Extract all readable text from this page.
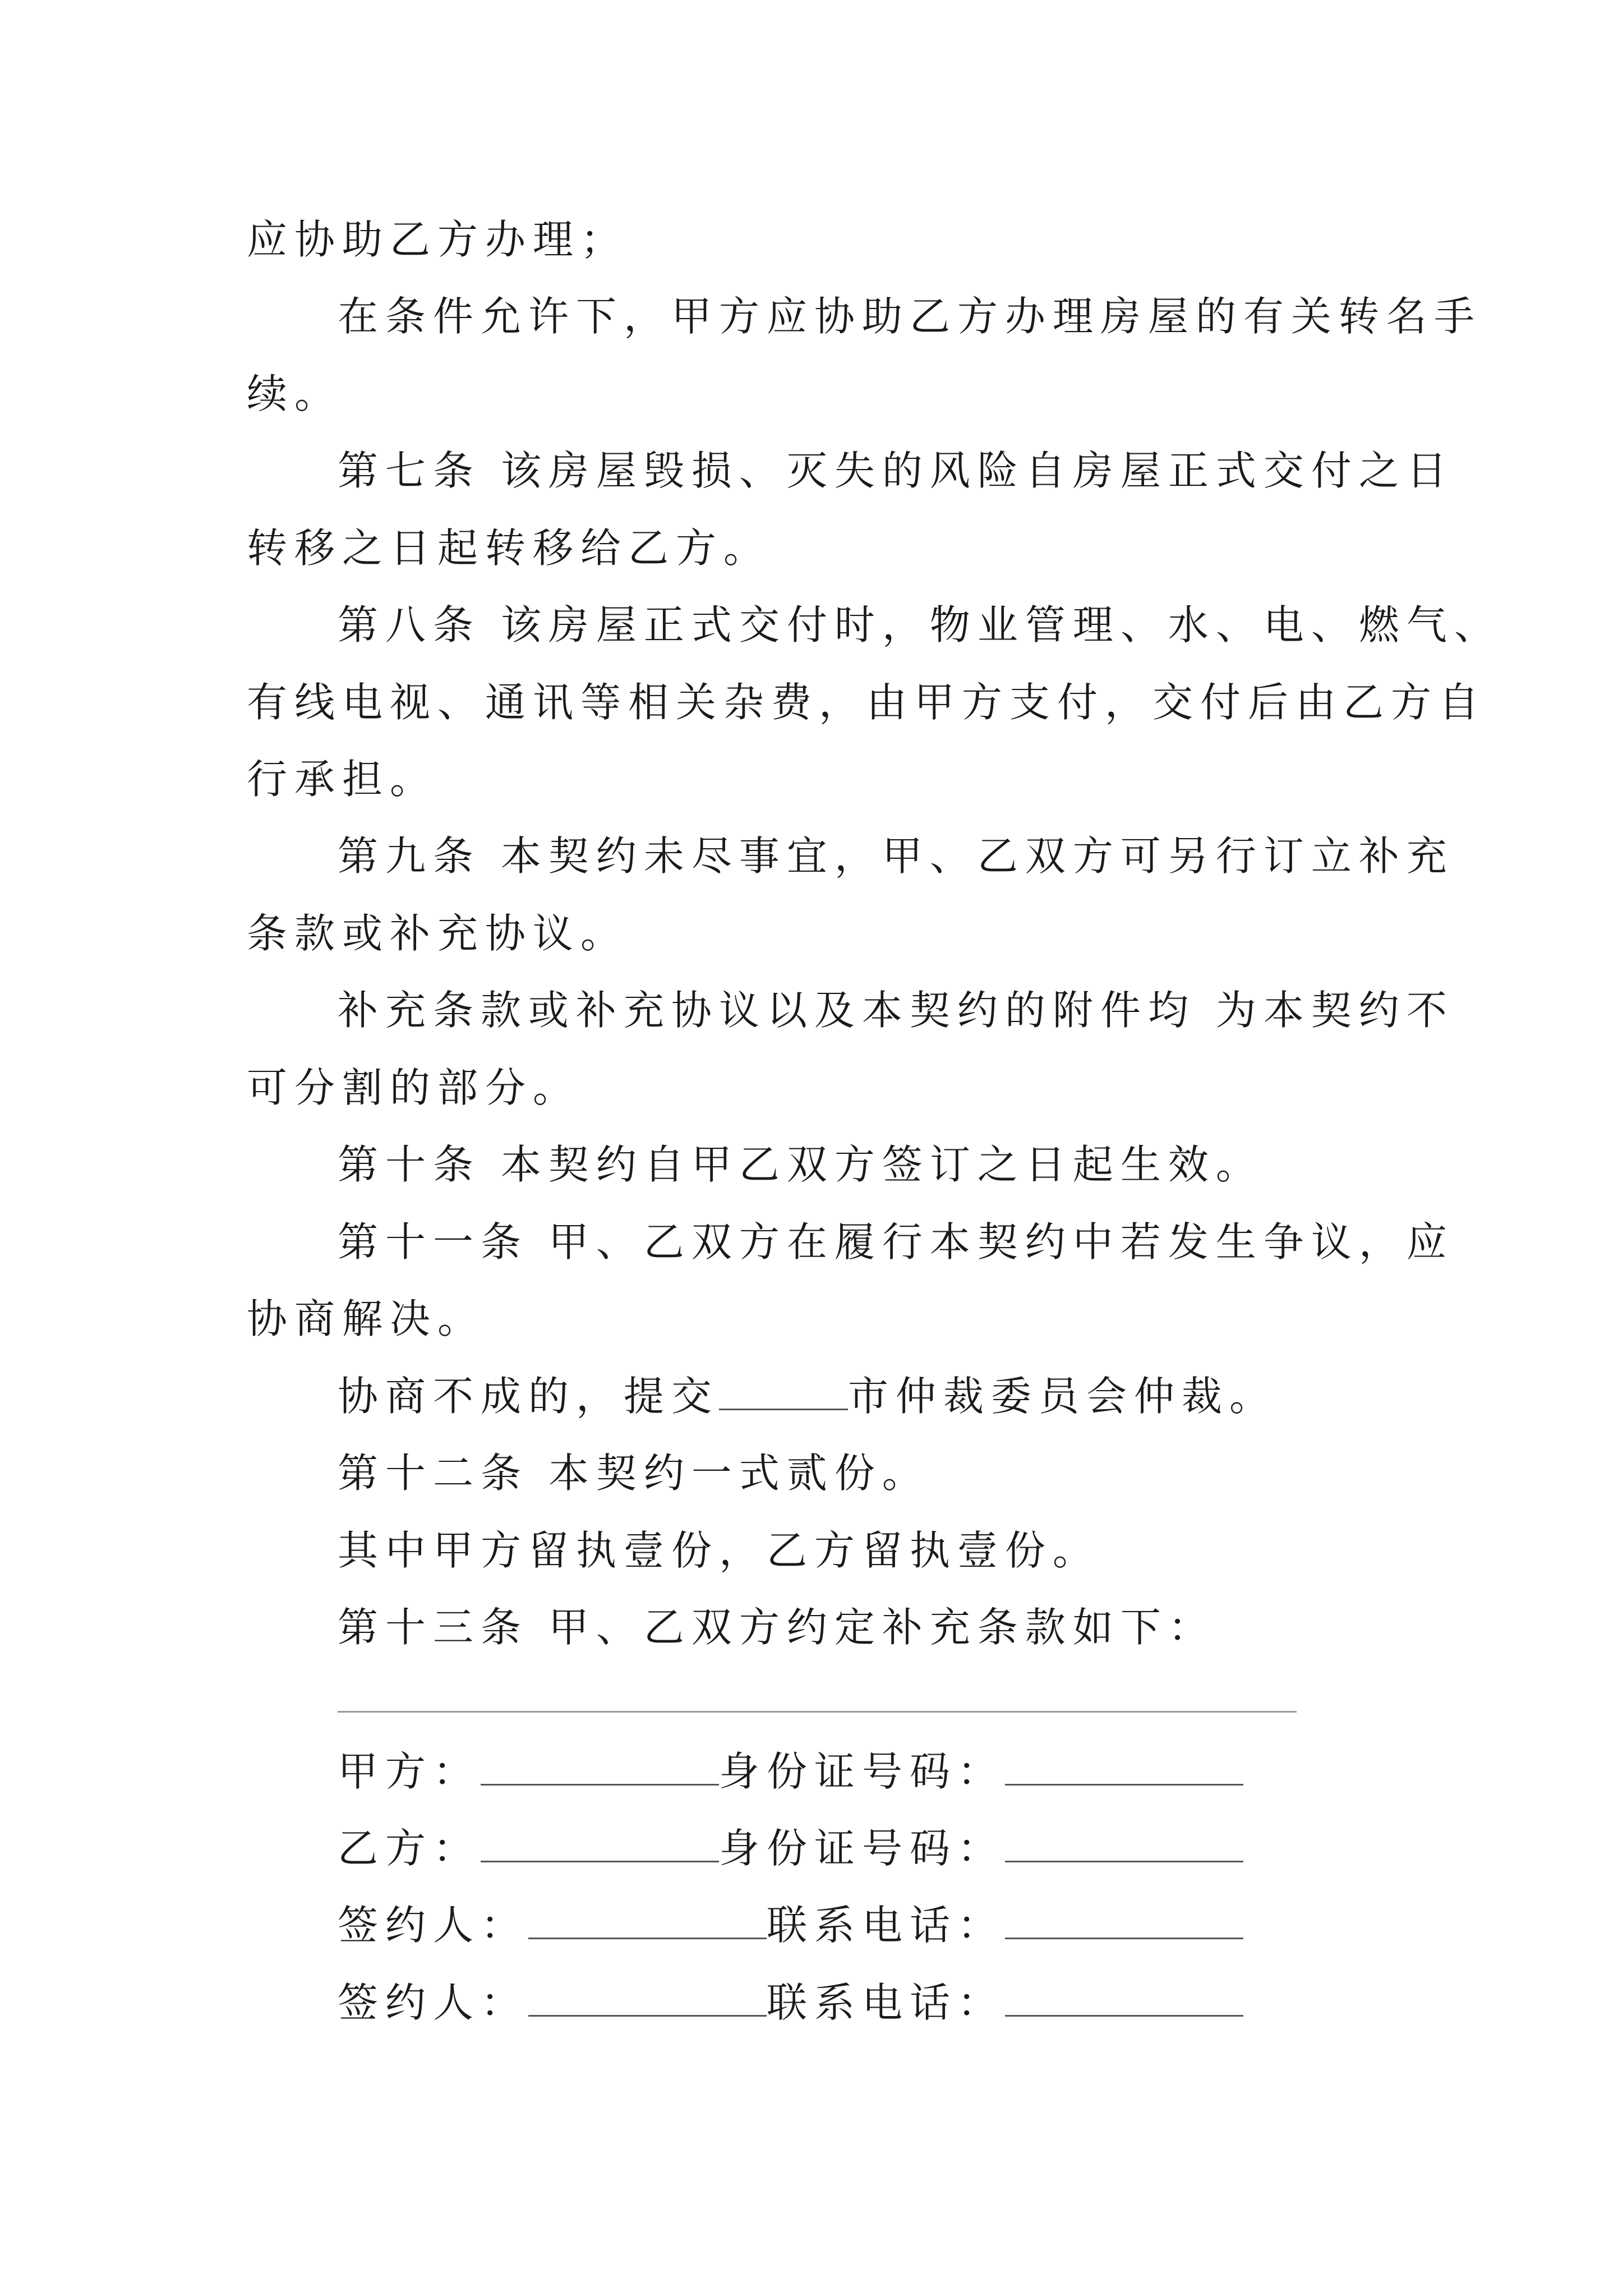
应协助乙方办理；
在条件允许下，甲方应协助乙方办理房屋的有关转名手
续。
第七条 该房屋毁损、灭失的风险自房屋正式交付之日
转移之日起转移给乙方。
第八条 该房屋正式交付时，物业管理、水、电、燃气、
有线电视、通讯等相关杂费，由甲方支付，交付后由乙方自
行承担。
第九条 本契约未尽事宜，甲、乙双方可另行订立补充
条款或补充协议。
补充条款或补充协议以及本契约的附件均 为本契约不
可分割的部分。
第十条 本契约自甲乙双方签订之日起生效。
第十一条 甲、乙双方在履行本契约中若发生争议，应
协商解决。
协商不成的，提交	市仲裁委员会仲裁。
第十二条 本契约一式贰份。
其中甲方留执壹份，乙方留执壹份。
第十三条 甲、乙双方约定补充条款如下：
甲方：	身份证号码：
乙方：	身份证号码：
签约人：	联系电话：
签约人：	联系电话：
